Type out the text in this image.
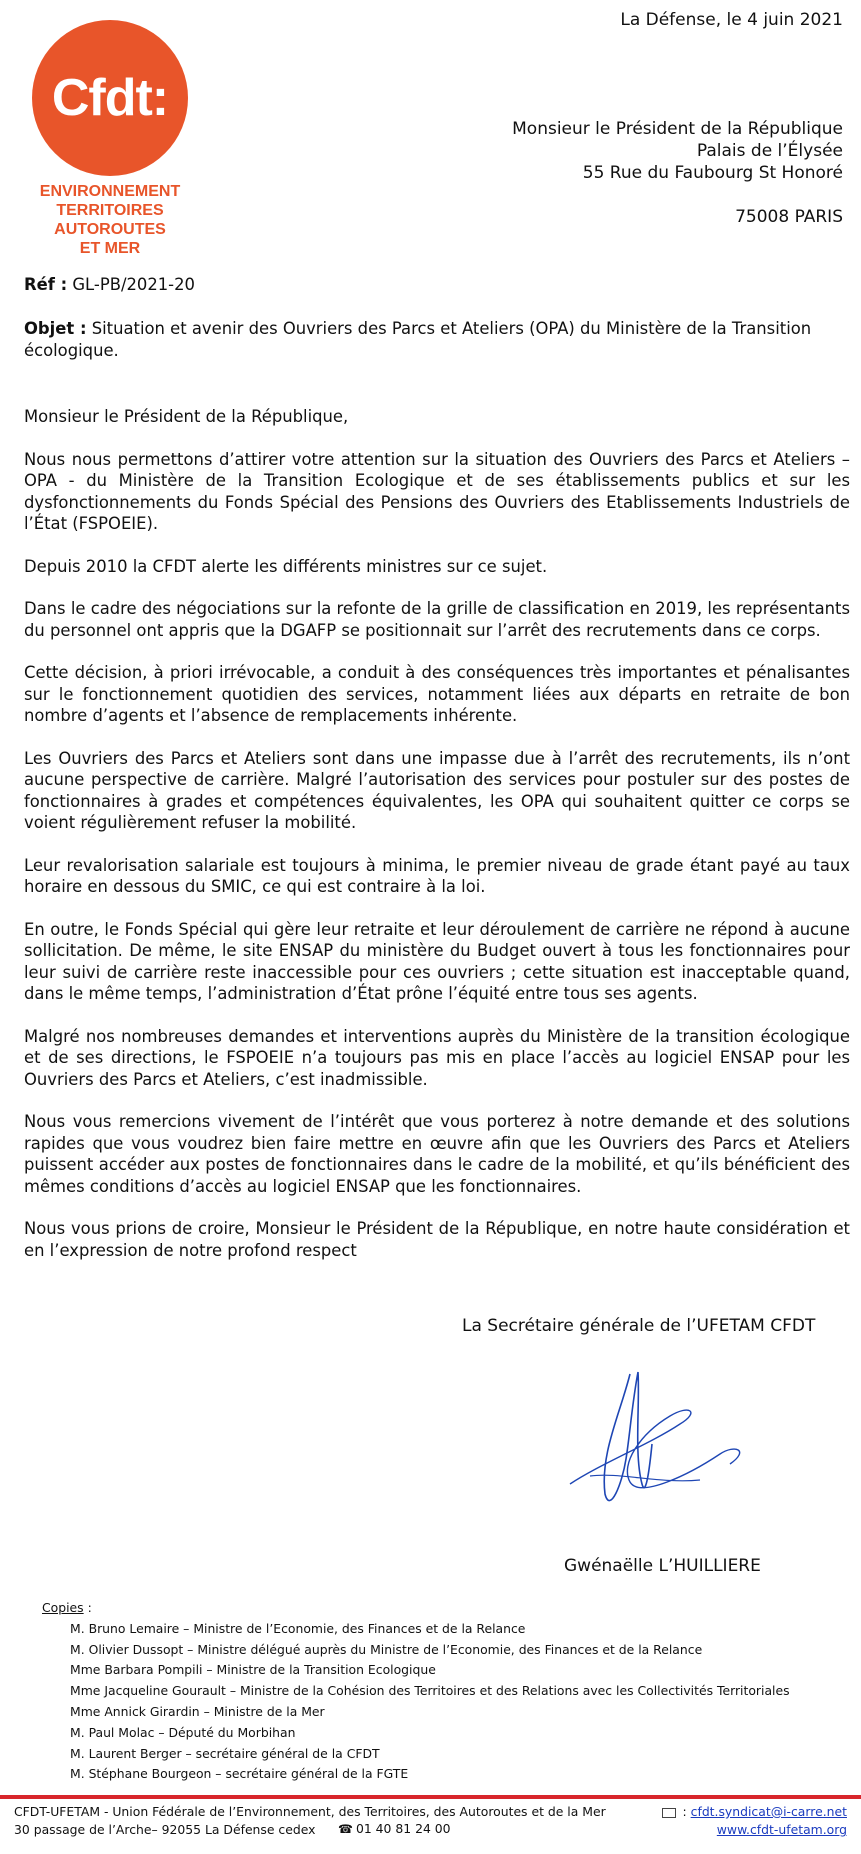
La Défense, le 4 juin 2021
Cfdt:
ENVIRONNEMENT
TERRITOIRES
AUTOROUTES
ET MER
Monsieur le Président de la République
Palais de l’Élysée
55 Rue du Faubourg St Honoré
75008 PARIS
Réf : GL-PB/2021-20

Objet : Situation et avenir des Ouvriers des Parcs et Ateliers (OPA) du Ministère de la Transition écologique.

Monsieur le Président de la République,

Nous nous permettons d’attirer votre attention sur la situation des Ouvriers des Parcs et Ateliers – OPA - du Ministère de la Transition Ecologique et de ses établissements publics et sur les dysfonctionnements du Fonds Spécial des Pensions des Ouvriers des Etablissements Industriels de l’État (FSPOEIE).

Depuis 2010 la CFDT alerte les différents ministres sur ce sujet.

Dans le cadre des négociations sur la refonte de la grille de classification en 2019, les représentants du personnel ont appris que la DGAFP se positionnait sur l’arrêt des recrutements dans ce corps.

Cette décision, à priori irrévocable, a conduit à des conséquences très importantes et pénalisantes sur le fonctionnement quotidien des services, notamment liées aux départs en retraite de bon nombre d’agents et l’absence de remplacements inhérente.

Les Ouvriers des Parcs et Ateliers sont dans une impasse due à l’arrêt des recrutements, ils n’ont aucune perspective de carrière. Malgré l’autorisation des services pour postuler sur des postes de fonctionnaires à grades et compétences équivalentes, les OPA qui souhaitent quitter ce corps se voient régulièrement refuser la mobilité.

Leur revalorisation salariale est toujours à minima, le premier niveau de grade étant payé au taux horaire en dessous du SMIC, ce qui est contraire à la loi.

En outre, le Fonds Spécial qui gère leur retraite et leur déroulement de carrière ne répond à aucune sollicitation. De même, le site ENSAP du ministère du Budget ouvert à tous les fonctionnaires pour leur suivi de carrière reste inaccessible pour ces ouvriers ; cette situation est inacceptable quand, dans le même temps, l’administration d’État prône l’équité entre tous ses agents.

Malgré nos nombreuses demandes et interventions auprès du Ministère de la transition écologique et de ses directions, le FSPOEIE n’a toujours pas mis en place l’accès au logiciel ENSAP pour les Ouvriers des Parcs et Ateliers, c’est inadmissible.

Nous vous remercions vivement de l’intérêt que vous porterez à notre demande et des solutions rapides que vous voudrez bien faire mettre en œuvre afin que les Ouvriers des Parcs et Ateliers puissent accéder aux postes de fonctionnaires dans le cadre de la mobilité, et qu’ils bénéficient des mêmes conditions d’accès au logiciel ENSAP que les fonctionnaires.

Nous vous prions de croire, Monsieur le Président de la République, en notre haute considération et en l’expression de notre profond respect

La Secrétaire générale de l’UFETAM CFDT
Gwénaëlle L’HUILLIERE
Copies :
M. Bruno Lemaire – Ministre de l’Economie, des Finances et de la Relance
M. Olivier Dussopt – Ministre délégué auprès du Ministre de l’Economie, des Finances et de la Relance
Mme Barbara Pompili – Ministre de la Transition Ecologique
Mme Jacqueline Gourault – Ministre de la Cohésion des Territoires et des Relations avec les Collectivités Territoriales
Mme Annick Girardin – Ministre de la Mer
M. Paul Molac – Député du Morbihan
M. Laurent Berger – secrétaire général de la CFDT
M. Stéphane Bourgeon – secrétaire général de la FGTE
CFDT-UFETAM - Union Fédérale de l’Environnement, des Territoires, des Autoroutes et de la Mer
30 passage de l’Arche– 92055 La Défense cedex	☎ 01 40 81 24 00
: cfdt.syndicat@i-carre.net
www.cfdt-ufetam.org
